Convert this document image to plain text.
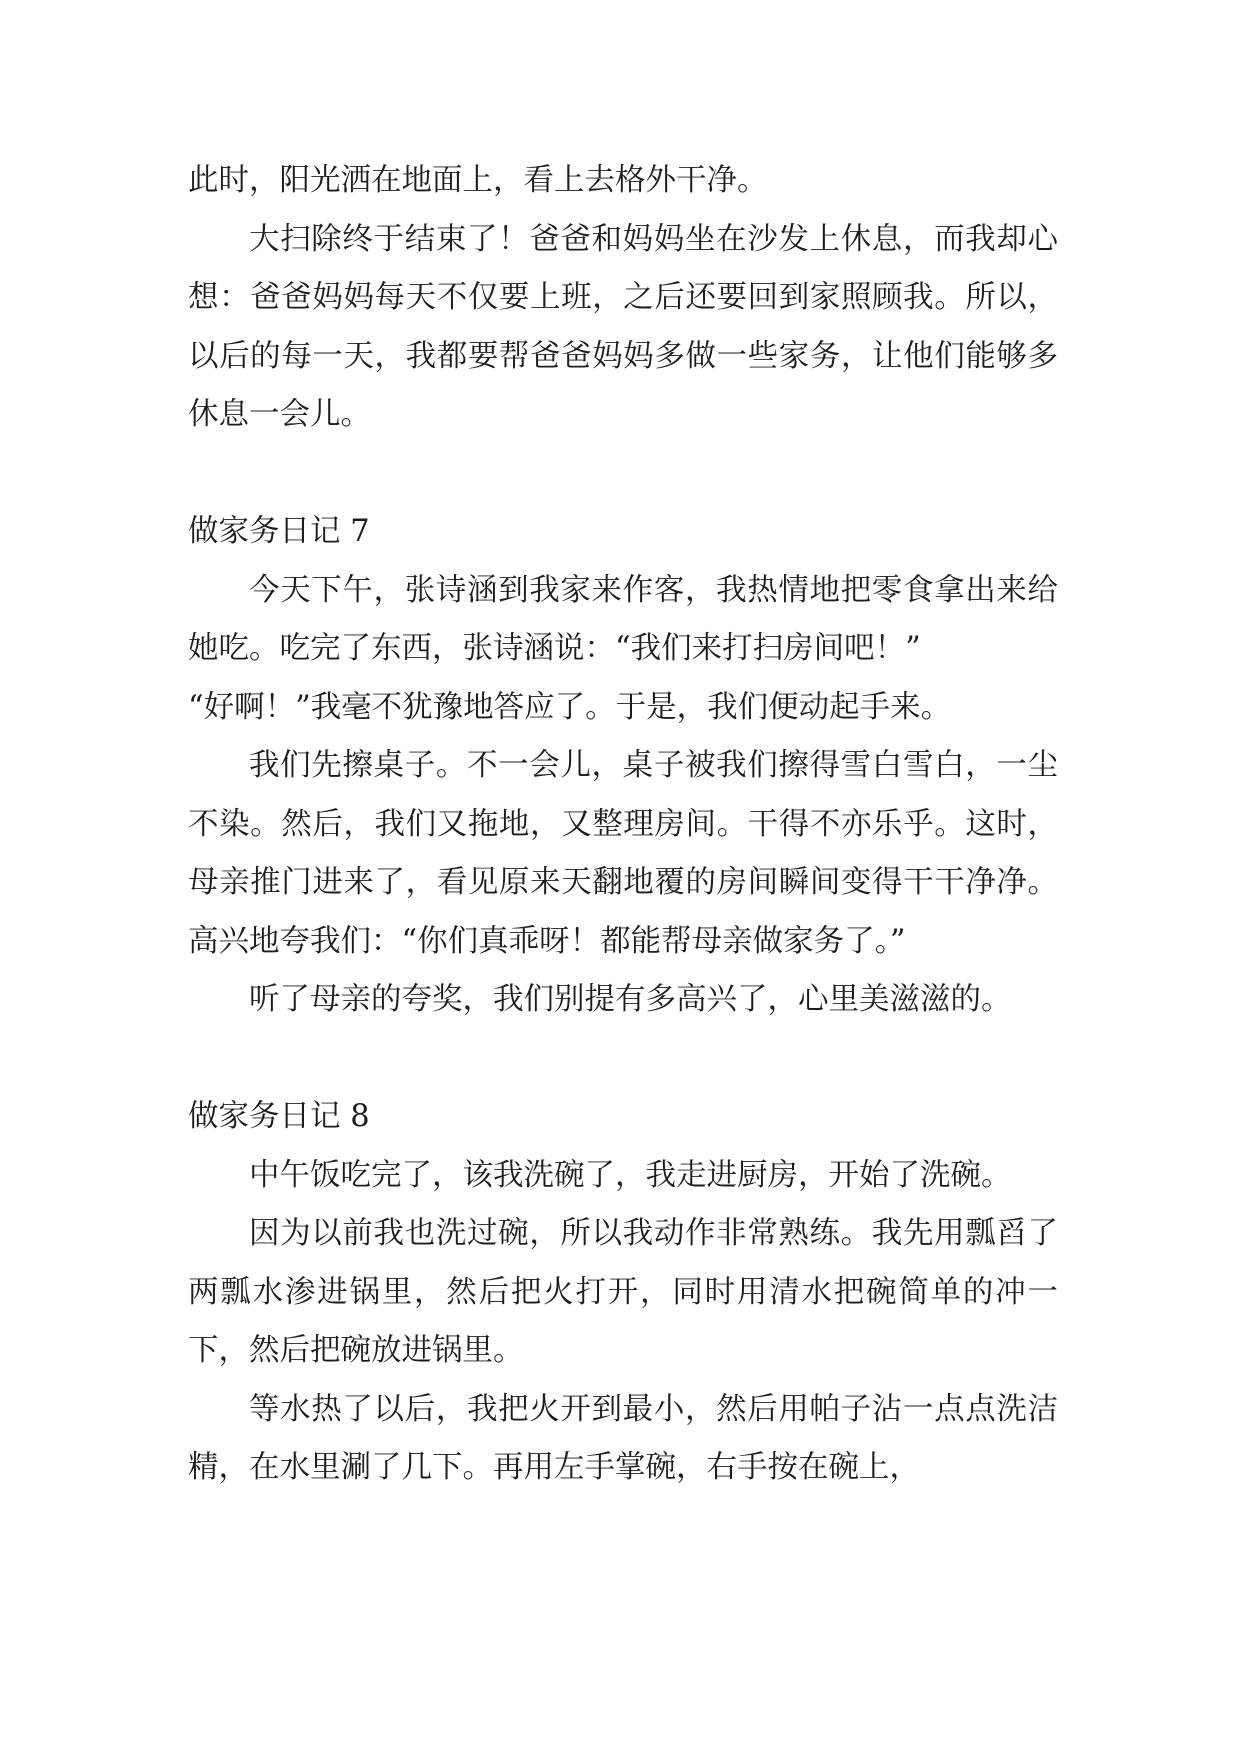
此时，阳光洒在地面上，看上去格外干净。

大扫除终于结束了！爸爸和妈妈坐在沙发上休息，而我却心想：爸爸妈妈每天不仅要上班，之后还要回到家照顾我。所以，以后的每一天，我都要帮爸爸妈妈多做一些家务，让他们能够多休息一会儿。

做家务日记 7

今天下午，张诗涵到我家来作客，我热情地把零食拿出来给她吃。吃完了东西，张诗涵说：“我们来打扫房间吧！”

“好啊！”我毫不犹豫地答应了。于是，我们便动起手来。

我们先擦桌子。不一会儿，桌子被我们擦得雪白雪白，一尘不染。然后，我们又拖地，又整理房间。干得不亦乐乎。这时，母亲推门进来了，看见原来天翻地覆的房间瞬间变得干干净净。高兴地夸我们：“你们真乖呀！都能帮母亲做家务了。”

听了母亲的夸奖，我们别提有多高兴了，心里美滋滋的。

做家务日记 8

中午饭吃完了，该我洗碗了，我走进厨房，开始了洗碗。

因为以前我也洗过碗，所以我动作非常熟练。我先用瓢舀了两瓢水渗进锅里，然后把火打开，同时用清水把碗简单的冲一下，然后把碗放进锅里。

等水热了以后，我把火开到最小，然后用帕子沾一点点洗洁精，在水里涮了几下。再用左手掌碗，右手按在碗上，
